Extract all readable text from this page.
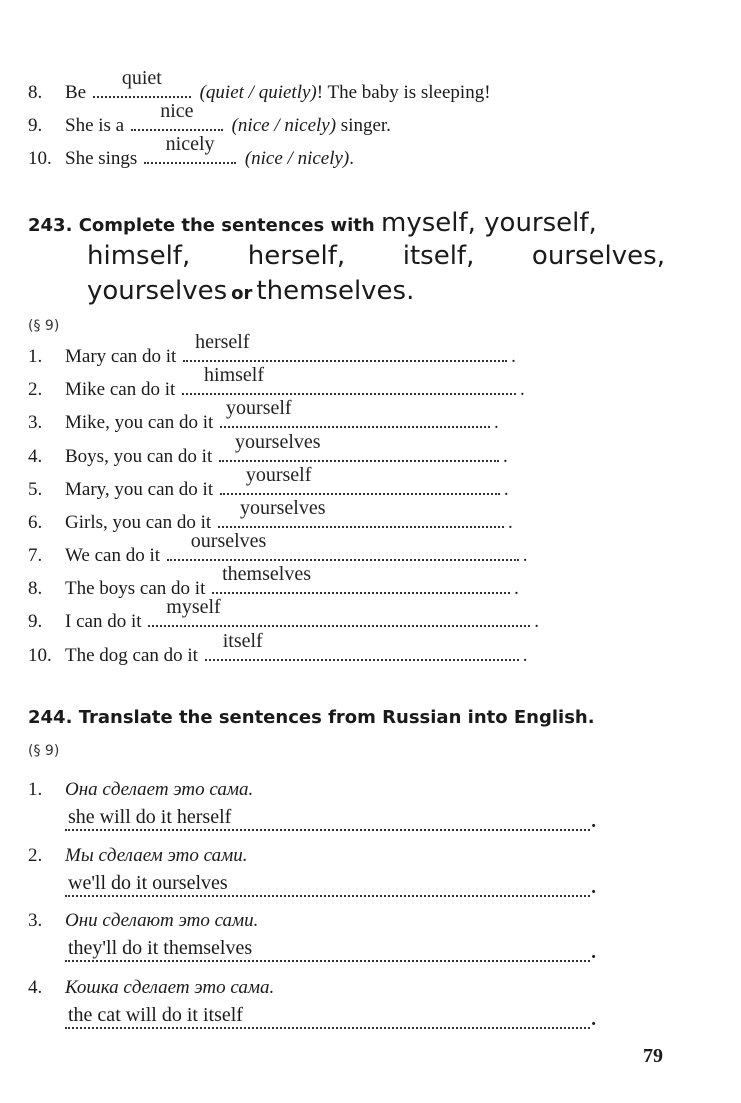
8. Be
quiet
(quiet / quietly)! The baby is sleeping!
9. She is a
nice
(nice / nicely) singer.
10. She sings
nicely
(nice / nicely).
243. Complete the sentences with myself, yourself,
himself, herself, itself, ourselves,
yourselves or themselves.
(§ 9)
1. Mary can do it
herself
.
2. Mike can do it
himself
.
3. Mike, you can do it
yourself
.
4. Boys, you can do it
yourselves
.
5. Mary, you can do it
yourself
.
6. Girls, you can do it
yourselves
.
7. We can do it
ourselves
.
8. The boys can do it
themselves
.
9. I can do it
myself
.
10. The dog can do it
itself
.
244. Translate the sentences from Russian into English.
(§ 9)
1. Она сделает это сама.
she will do it herself	.
2. Мы сделаем это сами.
we'll do it ourselves	.
3. Они сделают это сами.
they'll do it themselves	.
4. Кошка сделает это сама.
the cat will do it itself	.
79
